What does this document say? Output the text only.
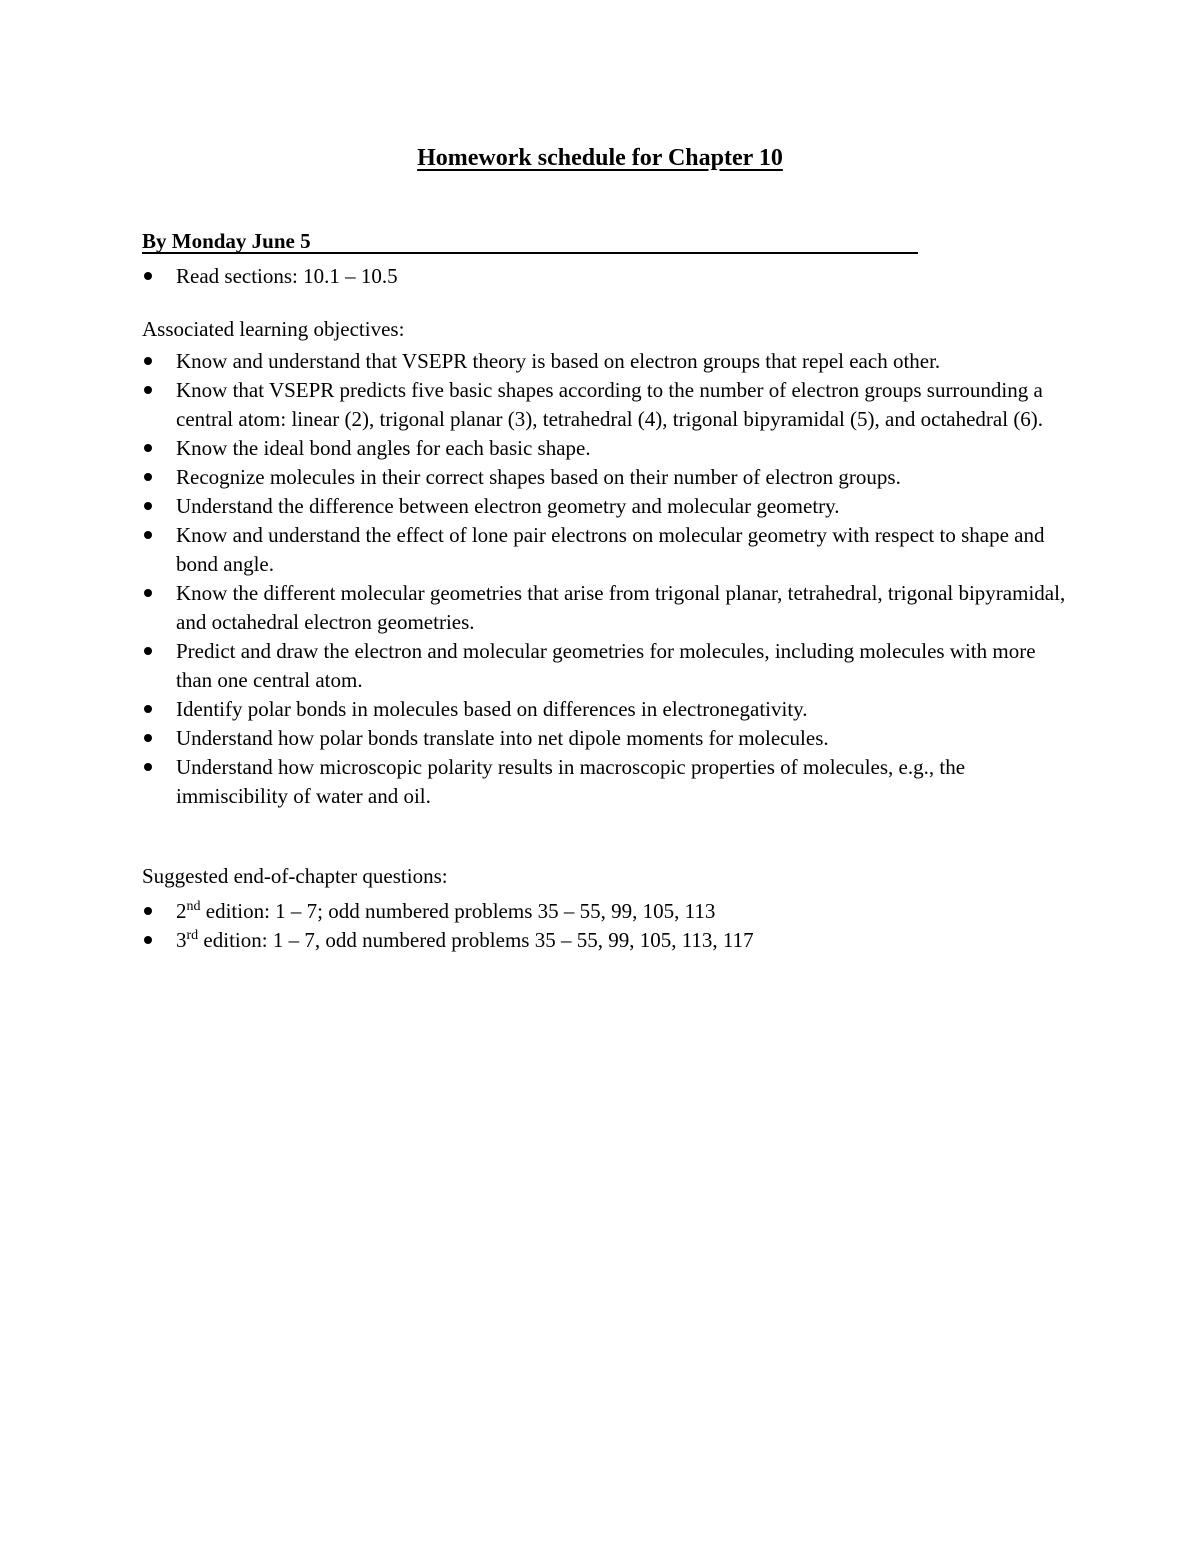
Homework schedule for Chapter 10
By Monday June 5
Read sections: 10.1 – 10.5

Associated learning objectives:

Know and understand that VSEPR theory is based on electron groups that repel each other.
Know that VSEPR predicts five basic shapes according to the number of electron groups surrounding a central atom: linear (2), trigonal planar (3), tetrahedral (4), trigonal bipyramidal (5), and octahedral (6).
Know the ideal bond angles for each basic shape.
Recognize molecules in their correct shapes based on their number of electron groups.
Understand the difference between electron geometry and molecular geometry.
Know and understand the effect of lone pair electrons on molecular geometry with respect to shape and bond angle.
Know the different molecular geometries that arise from trigonal planar, tetrahedral, trigonal bipyramidal, and octahedral electron geometries.
Predict and draw the electron and molecular geometries for molecules, including molecules with more than one central atom.
Identify polar bonds in molecules based on differences in electronegativity.
Understand how polar bonds translate into net dipole moments for molecules.
Understand how microscopic polarity results in macroscopic properties of molecules, e.g., the immiscibility of water and oil.

Suggested end-of-chapter questions:

2nd edition: 1 – 7; odd numbered problems 35 – 55, 99, 105, 113
3rd edition: 1 – 7, odd numbered problems 35 – 55, 99, 105, 113, 117
